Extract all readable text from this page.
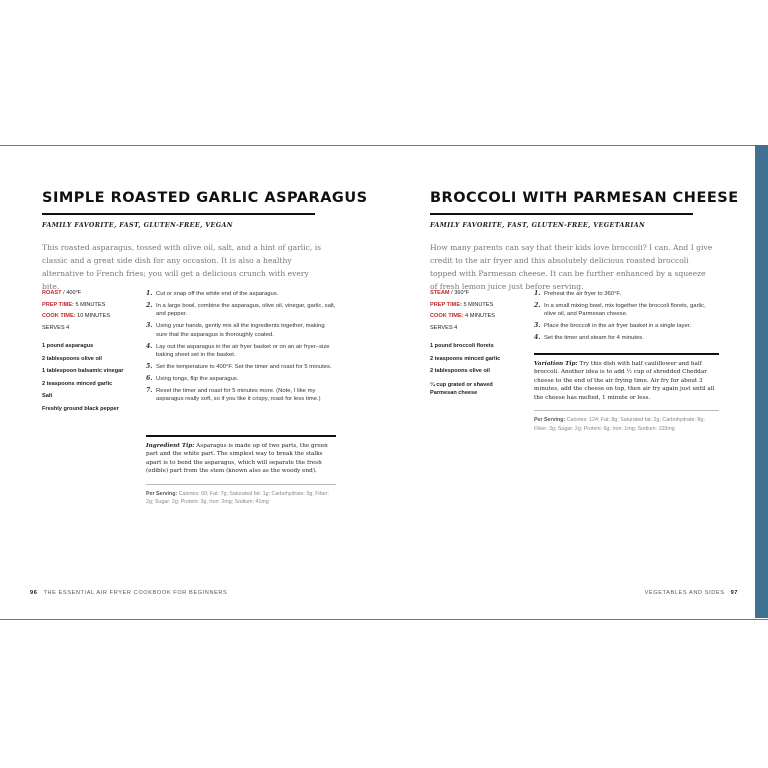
SIMPLE ROASTED GARLIC ASPARAGUS
FAMILY FAVORITE, FAST, GLUTEN-FREE, VEGAN
This roasted asparagus, tossed with olive oil, salt, and a hint of garlic, is classic and a great side dish for any occasion. It is also a healthy alternative to French fries; you will get a delicious crunch with every bite.
ROAST / 400°F
PREP TIME: 5 MINUTES
COOK TIME: 10 MINUTES
SERVES 4
1 pound asparagus
2 tablespoons olive oil
1 tablespoon balsamic vinegar
2 teaspoons minced garlic
Salt
Freshly ground black pepper
1. Cut or snap off the white end of the asparagus.
2. In a large bowl, combine the asparagus, olive oil, vinegar, garlic, salt, and pepper.
3. Using your hands, gently mix all the ingredients together, making sure that the asparagus is thoroughly coated.
4. Lay out the asparagus in the air fryer basket or on an air fryer–size baking sheet set in the basket.
5. Set the temperature to 400°F. Set the timer and roast for 5 minutes.
6. Using tongs, flip the asparagus.
7. Reset the timer and roast for 5 minutes more. (Note, I like my asparagus really soft, so if you like it crispy, roast for less time.)
Ingredient Tip: Asparagus is made up of two parts, the green part and the white part. The simplest way to break the stalks apart is to bend the asparagus, which will separate the fresh (edible) part from the stem (known also as the woody end).
Per Serving: Calories: 60; Fat: 7g; Saturated fat: 1g; Carbohydrate: 5g; Fiber: 2g; Sugar: 2g; Protein: 3g; Iron: 2mg; Sodium: 41mg
96 THE ESSENTIAL AIR FRYER COOKBOOK FOR BEGINNERS
BROCCOLI WITH PARMESAN CHEESE
FAMILY FAVORITE, FAST, GLUTEN-FREE, VEGETARIAN
How many parents can say that their kids love broccoli? I can. And I give credit to the air fryer and this absolutely delicious roasted broccoli topped with Parmesan cheese. It can be further enhanced by a squeeze of fresh lemon juice just before serving.
STEAM / 360°F
PREP TIME: 5 MINUTES
COOK TIME: 4 MINUTES
SERVES 4
1 pound broccoli florets
2 teaspoons minced garlic
2 tablespoons olive oil
¼ cup grated or shaved Parmesan cheese
1. Preheat the air fryer to 360°F.
2. In a small mixing bowl, mix together the broccoli florets, garlic, olive oil, and Parmesan cheese.
3. Place the broccoli in the air fryer basket in a single layer.
4. Set the timer and steam for 4 minutes.
Variation Tip: Try this dish with half cauliflower and half broccoli. Another idea is to add ½ cup of shredded Cheddar cheese to the end of the air frying time. Air fry for about 3 minutes, add the cheese on top, then air fry again just until all the cheese has melted, 1 minute or less.
Per Serving: Calories: 124; Fat: 8g; Saturated fat: 2g; Carbohydrate: 8g; Fiber: 3g; Sugar: 2g; Protein: 6g; Iron: 1mg; Sodium: 103mg
VEGETABLES AND SIDES 97
